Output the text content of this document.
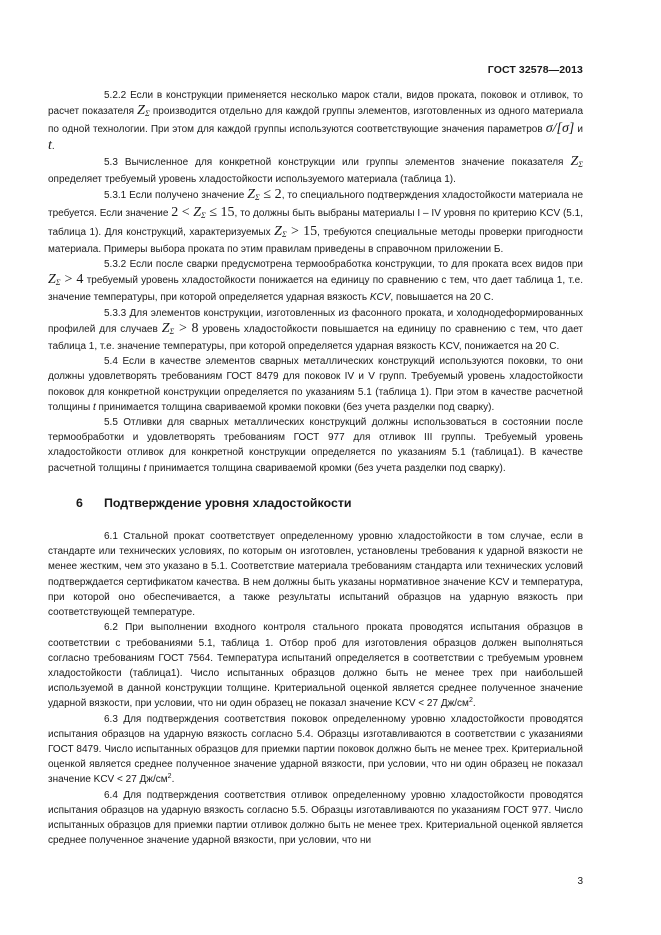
ГОСТ 32578—2013

5.2.2 Если в конструкции применяется несколько марок стали, видов проката, поковок и отливок, то расчет показателя $Z_\Sigma$ производится отдельно для каждой группы элементов, изготовленных из одного материала по одной технологии. При этом для каждой группы используются соответствующие значения параметров σ/[σ] и t.

5.3 Вычисленное для конкретной конструкции или группы элементов значение показателя $Z_\Sigma$ определяет требуемый уровень хладостойкости используемого материала (таблица 1).

5.3.1 Если получено значение $Z_\Sigma \le 2$, то специального подтверждения хладостойкости материала не требуется. Если значение $2 < Z_\Sigma \le 15$, то должны быть выбраны материалы I – IV уровня по критерию KCV (5.1, таблица 1). Для конструкций, характеризуемых $Z_\Sigma > 15$, требуются специальные методы проверки пригодности материала. Примеры выбора проката по этим правилам приведены в справочном приложении Б.

5.3.2 Если после сварки предусмотрена термообработка конструкции, то для проката всех видов при $Z_\Sigma > 4$ требуемый уровень хладостойкости понижается на единицу по сравнению с тем, что дает таблица 1, т.е. значение температуры, при которой определяется ударная вязкость KCV, повышается на 20 С.

5.3.3 Для элементов конструкции, изготовленных из фасонного проката, и холоднодеформированных профилей для случаев $Z_\Sigma > 8$ уровень хладостойкости повышается на единицу по сравнению с тем, что дает таблица 1, т.е. значение температуры, при которой определяется ударная вязкость KCV, понижается на 20 С.

5.4 Если в качестве элементов сварных металлических конструкций используются поковки, то они должны удовлетворять требованиям ГОСТ 8479 для поковок IV и V групп. Требуемый уровень хладостойкости поковок для конкретной конструкции определяется по указаниям 5.1 (таблица 1). При этом в качестве расчетной толщины t принимается толщина свариваемой кромки поковки (без учета разделки под сварку).

5.5 Отливки для сварных металлических конструкций должны использоваться в состоянии после термообработки и удовлетворять требованиям ГОСТ 977 для отливок III группы. Требуемый уровень хладостойкости отливок для конкретной конструкции определяется по указаниям 5.1 (таблица1). В качестве расчетной толщины t принимается толщина свариваемой кромки (без учета разделки под сварку).

6 Подтверждение уровня хладостойкости

6.1 Стальной прокат соответствует определенному уровню хладостойкости в том случае, если в стандарте или технических условиях, по которым он изготовлен, установлены требования к ударной вязкости не менее жестким, чем это указано в 5.1. Соответствие материала требованиям стандарта или технических условий подтверждается сертификатом качества. В нем должны быть указаны нормативное значение KCV и температура, при которой оно обеспечивается, а также результаты испытаний образцов на ударную вязкость при соответствующей температуре.

6.2 При выполнении входного контроля стального проката проводятся испытания образцов в соответствии с требованиями 5.1, таблица 1. Отбор проб для изготовления образцов должен выполняться согласно требованиям ГОСТ 7564. Температура испытаний определяется в соответствии с требуемым уровнем хладостойкости (таблица1). Число испытанных образцов должно быть не менее трех при наибольшей используемой в данной конструкции толщине. Критериальной оценкой является среднее полученное значение ударной вязкости, при условии, что ни один образец не показал значение KCV < 27 $Дж/см^2$.

6.3 Для подтверждения соответствия поковок определенному уровню хладостойкости проводятся испытания образцов на ударную вязкость согласно 5.4. Образцы изготавливаются в соответствии с указаниями ГОСТ 8479. Число испытанных образцов для приемки партии поковок должно быть не менее трех. Критериальной оценкой является среднее полученное значение ударной вязкости, при условии, что ни один образец не показал значение KCV < 27 $Дж/см^2$.

6.4 Для подтверждения соответствия отливок определенному уровню хладостойкости проводятся испытания образцов на ударную вязкость согласно 5.5. Образцы изготавливаются по указаниям ГОСТ 977. Число испытанных образцов для приемки партии отливок должно быть не менее трех. Критериальной оценкой является среднее полученное значение ударной вязкости, при условии, что ни

3
